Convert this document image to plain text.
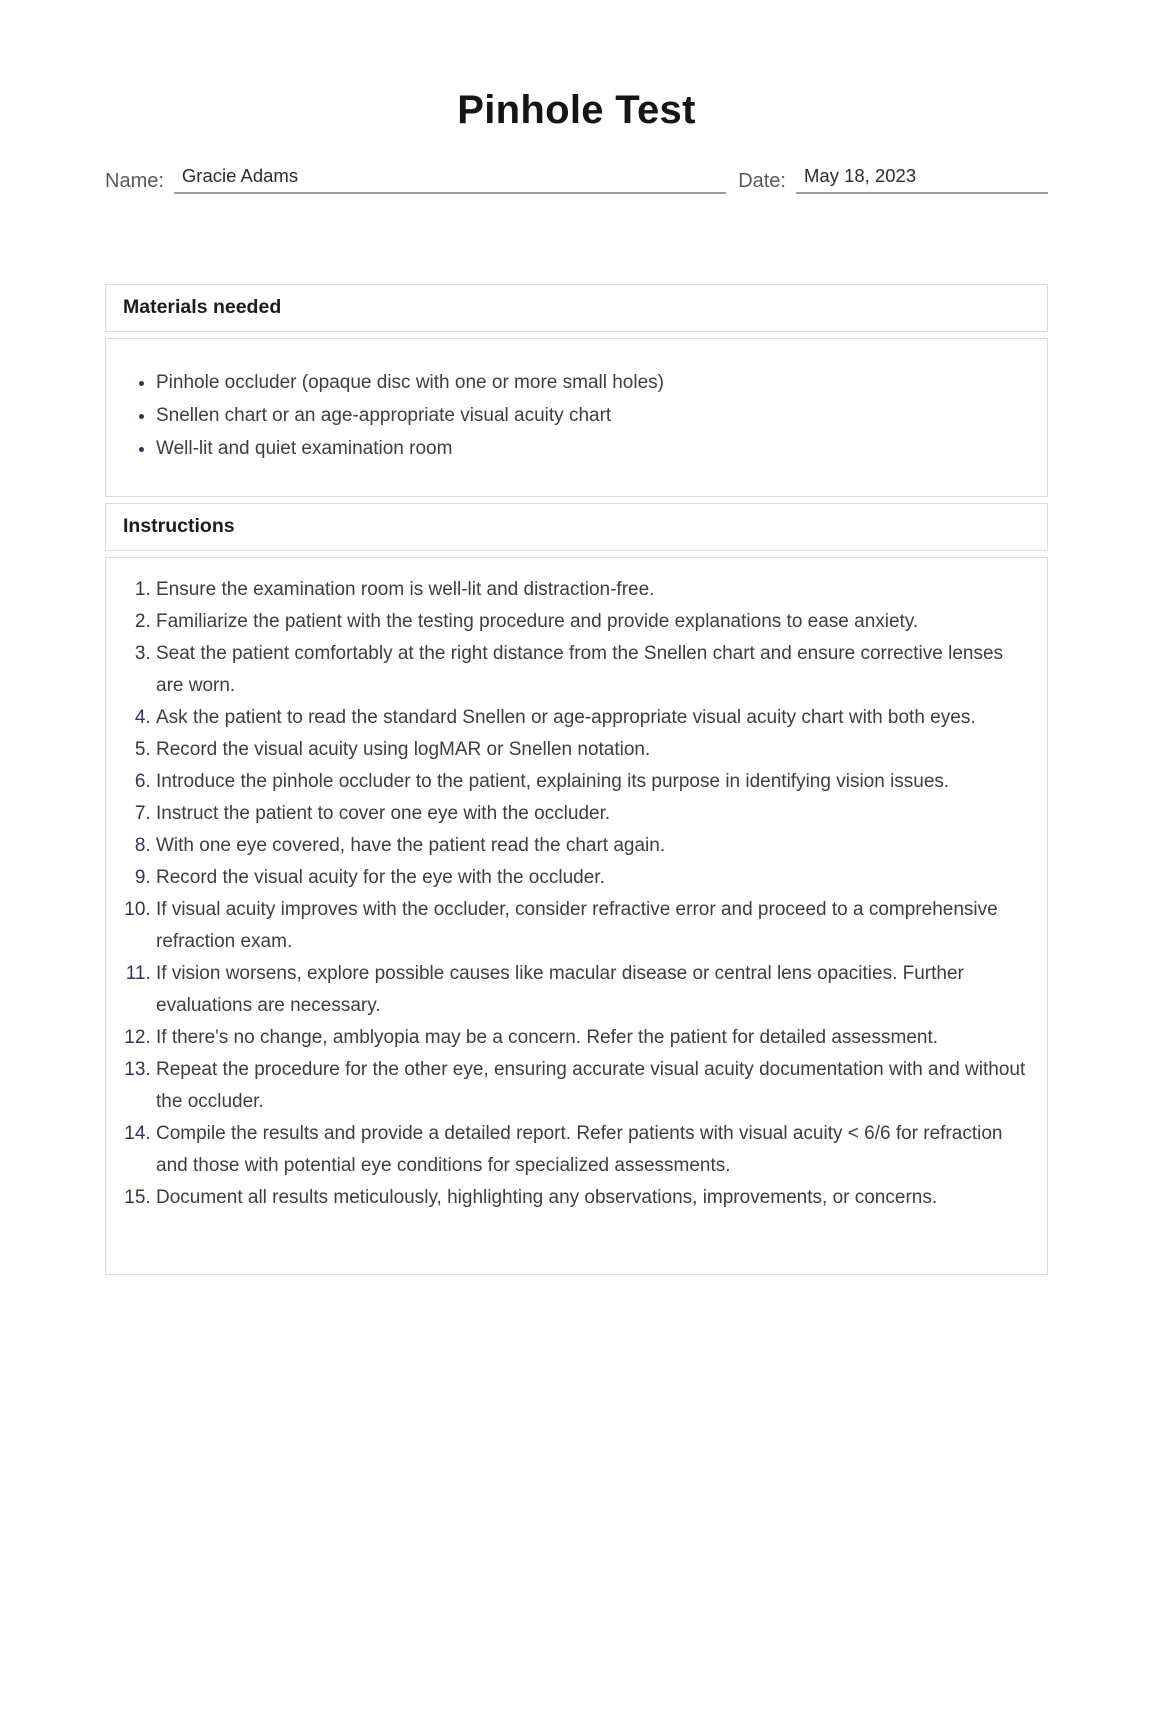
Pinhole Test
Name: Gracie Adams	Date: May 18, 2023
Materials needed
• Pinhole occluder (opaque disc with one or more small holes)
• Snellen chart or an age-appropriate visual acuity chart
• Well-lit and quiet examination room
Instructions
1. Ensure the examination room is well-lit and distraction-free.
2. Familiarize the patient with the testing procedure and provide explanations to ease anxiety.
3. Seat the patient comfortably at the right distance from the Snellen chart and ensure corrective lenses are worn.
4. Ask the patient to read the standard Snellen or age-appropriate visual acuity chart with both eyes.
5. Record the visual acuity using logMAR or Snellen notation.
6. Introduce the pinhole occluder to the patient, explaining its purpose in identifying vision issues.
7. Instruct the patient to cover one eye with the occluder.
8. With one eye covered, have the patient read the chart again.
9. Record the visual acuity for the eye with the occluder.
10. If visual acuity improves with the occluder, consider refractive error and proceed to a comprehensive refraction exam.
11. If vision worsens, explore possible causes like macular disease or central lens opacities. Further evaluations are necessary.
12. If there's no change, amblyopia may be a concern. Refer the patient for detailed assessment.
13. Repeat the procedure for the other eye, ensuring accurate visual acuity documentation with and without the occluder.
14. Compile the results and provide a detailed report. Refer patients with visual acuity < 6/6 for refraction and those with potential eye conditions for specialized assessments.
15. Document all results meticulously, highlighting any observations, improvements, or concerns.
